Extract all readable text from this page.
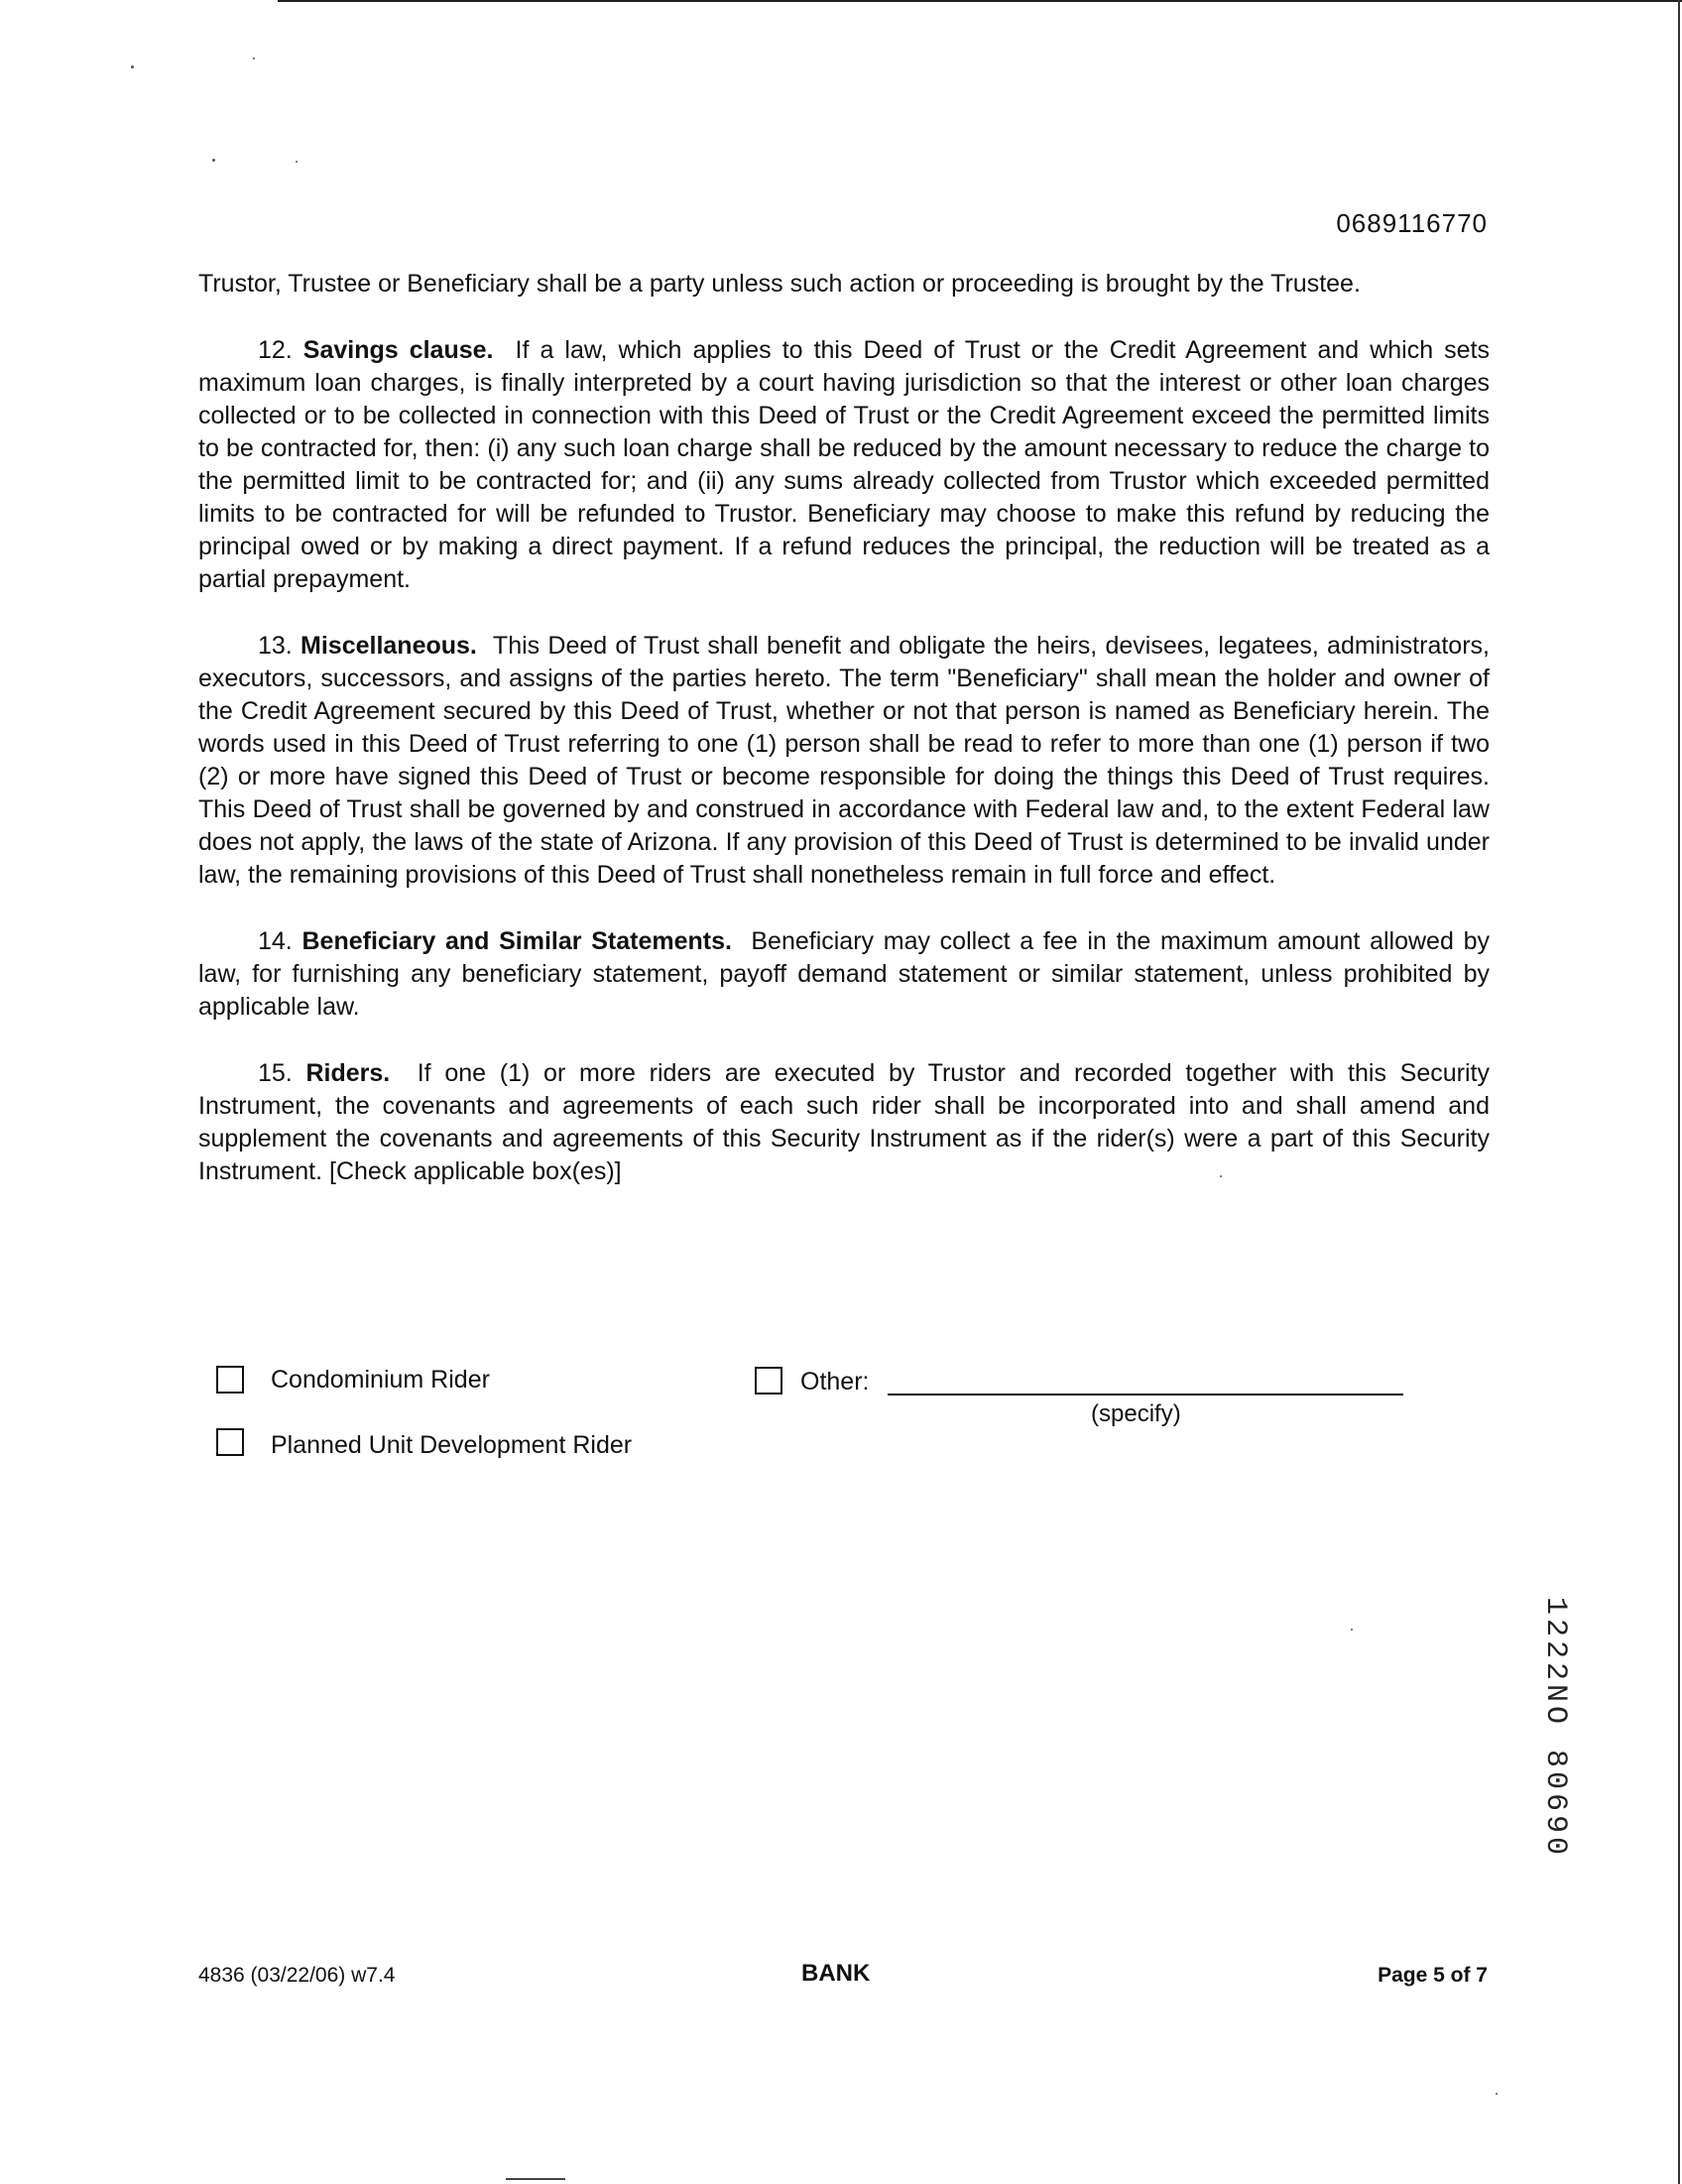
0689116770

Trustor, Trustee or Beneficiary shall be a party unless such action or proceeding is brought by the Trustee.

12. Savings clause. If a law, which applies to this Deed of Trust or the Credit Agreement and which sets maximum loan charges, is finally interpreted by a court having jurisdiction so that the interest or other loan charges collected or to be collected in connection with this Deed of Trust or the Credit Agreement exceed the permitted limits to be contracted for, then: (i) any such loan charge shall be reduced by the amount necessary to reduce the charge to the permitted limit to be contracted for; and (ii) any sums already collected from Trustor which exceeded permitted limits to be contracted for will be refunded to Trustor. Beneficiary may choose to make this refund by reducing the principal owed or by making a direct payment. If a refund reduces the principal, the reduction will be treated as a partial prepayment.

13. Miscellaneous. This Deed of Trust shall benefit and obligate the heirs, devisees, legatees, administrators, executors, successors, and assigns of the parties hereto. The term "Beneficiary" shall mean the holder and owner of the Credit Agreement secured by this Deed of Trust, whether or not that person is named as Beneficiary herein. The words used in this Deed of Trust referring to one (1) person shall be read to refer to more than one (1) person if two (2) or more have signed this Deed of Trust or become responsible for doing the things this Deed of Trust requires. This Deed of Trust shall be governed by and construed in accordance with Federal law and, to the extent Federal law does not apply, the laws of the state of Arizona. If any provision of this Deed of Trust is determined to be invalid under law, the remaining provisions of this Deed of Trust shall nonetheless remain in full force and effect.

14. Beneficiary and Similar Statements. Beneficiary may collect a fee in the maximum amount allowed by law, for furnishing any beneficiary statement, payoff demand statement or similar statement, unless prohibited by applicable law.

15. Riders. If one (1) or more riders are executed by Trustor and recorded together with this Security Instrument, the covenants and agreements of each such rider shall be incorporated into and shall amend and supplement the covenants and agreements of this Security Instrument as if the rider(s) were a part of this Security Instrument. [Check applicable box(es)]

Condominium Rider
Planned Unit Development Rider
Other:
(specify)
1222NO 80690
4836 (03/22/06) w7.4	BANK	Page 5 of 7
